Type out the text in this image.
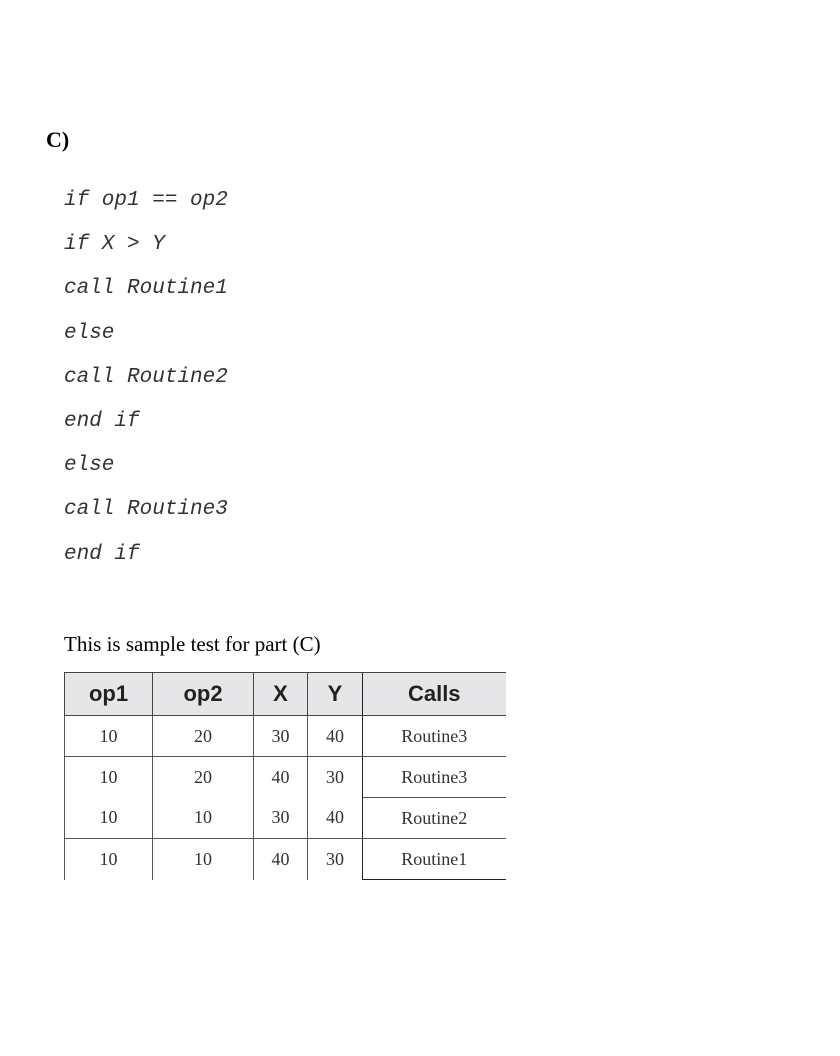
C)
if op1 == op2
if X > Y
call Routine1
else
call Routine2
end if
else
call Routine3
end if

This is sample test for part (C)

op1	op2	X	Y	Calls
10	20	30	40	Routine3
10	20	40	30	Routine3
10	10	30	40	Routine2
10	10	40	30	Routine1
